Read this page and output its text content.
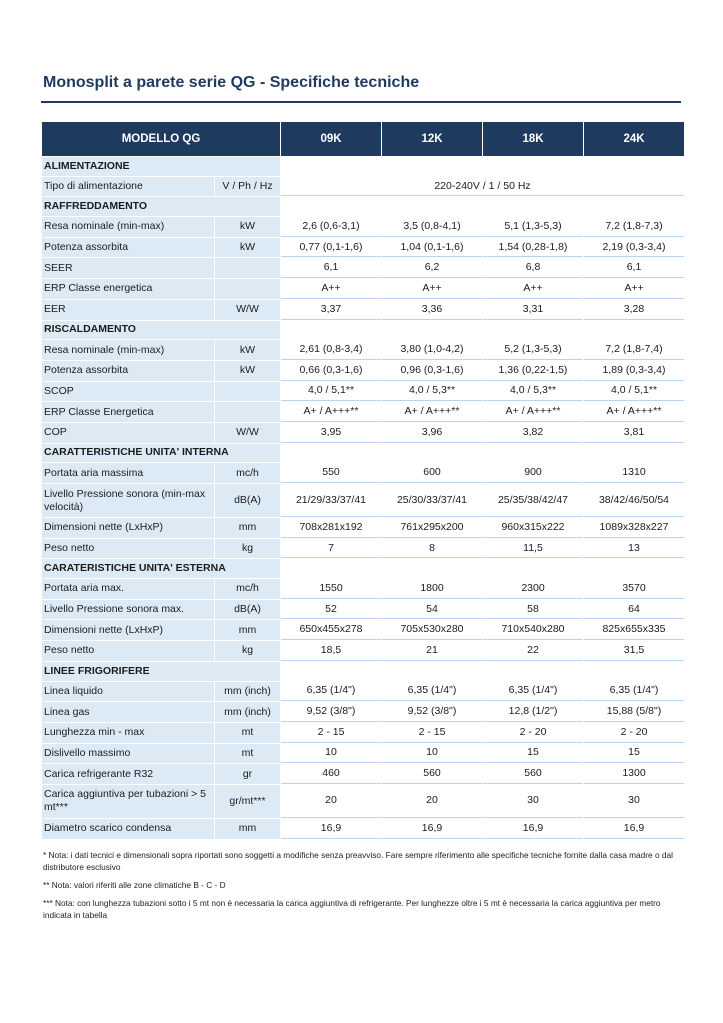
Monosplit a parete serie QG - Specifiche tecniche
MODELLO QG		09K	12K	18K	24K
ALIMENTAZIONE					
Tipo di alimentazione	V / Ph / Hz	220-240V / 1 / 50 Hz			
RAFFREDDAMENTO					
Resa nominale (min-max)	kW	2,6 (0,6-3,1)	3,5 (0,8-4,1)	5,1 (1,3-5,3)	7,2 (1,8-7,3)
Potenza assorbita	kW	0,77 (0,1-1,6)	1,04 (0,1-1,6)	1,54 (0,28-1,8)	2,19 (0,3-3,4)
SEER		6,1	6,2	6,8	6,1
ERP Classe energetica		A++	A++	A++	A++
EER	W/W	3,37	3,36	3,31	3,28
RISCALDAMENTO					
Resa nominale (min-max)	kW	2,61 (0,8-3,4)	3,80 (1,0-4,2)	5,2 (1,3-5,3)	7,2 (1,8-7,4)
Potenza assorbita	kW	0,66 (0,3-1,6)	0,96 (0,3-1,6)	1,36 (0,22-1,5)	1,89 (0,3-3,4)
SCOP		4,0 / 5,1**	4,0 / 5,3**	4,0 / 5,3**	4,0 / 5,1**
ERP Classe Energetica		A+ / A+++**	A+ / A+++**	A+ / A+++**	A+ / A+++**
COP	W/W	3,95	3,96	3,82	3,81
CARATTERISTICHE UNITA' INTERNA					
Portata aria massima	mc/h	550	600	900	1310
Livello Pressione sonora (min-max velocità)	dB(A)	21/29/33/37/41	25/30/33/37/41	25/35/38/42/47	38/42/46/50/54
Dimensioni nette (LxHxP)	mm	708x281x192	761x295x200	960x315x222	1089x328x227
Peso netto	kg	7	8	11,5	13
CARATERISTICHE UNITA' ESTERNA					
Portata aria max.	mc/h	1550	1800	2300	3570
Livello Pressione sonora max.	dB(A)	52	54	58	64
Dimensioni nette (LxHxP)	mm	650x455x278	705x530x280	710x540x280	825x655x335
Peso netto	kg	18,5	21	22	31,5
LINEE FRIGORIFERE					
Linea liquido	mm (inch)	6,35 (1/4")	6,35 (1/4")	6,35 (1/4")	6,35 (1/4")
Linea gas	mm (inch)	9,52 (3/8")	9,52 (3/8")	12,8 (1/2")	15,88 (5/8")
Lunghezza min - max	mt	2 - 15	2 - 15	2 - 20	2 - 20
Dislivello massimo	mt	10	10	15	15
Carica refrigerante R32	gr	460	560	560	1300
Carica aggiuntiva per tubazioni > 5 mt***	gr/mt***	20	20	30	30
Diametro scarico condensa	mm	16,9	16,9	16,9	16,9

* Nota: i dati tecnici e dimensionali sopra riportati sono soggetti a modifiche senza preavviso. Fare sempre riferimento alle specifiche tecniche fornite dalla casa madre o dal distributore esclusivo

** Nota: valori riferiti alle zone climatiche B - C - D

*** Nota: con lunghezza tubazioni sotto i 5 mt non è necessaria la carica aggiuntiva di refrigerante. Per lunghezze oltre i 5 mt è necessaria la carica aggiuntiva per metro indicata in tabella
